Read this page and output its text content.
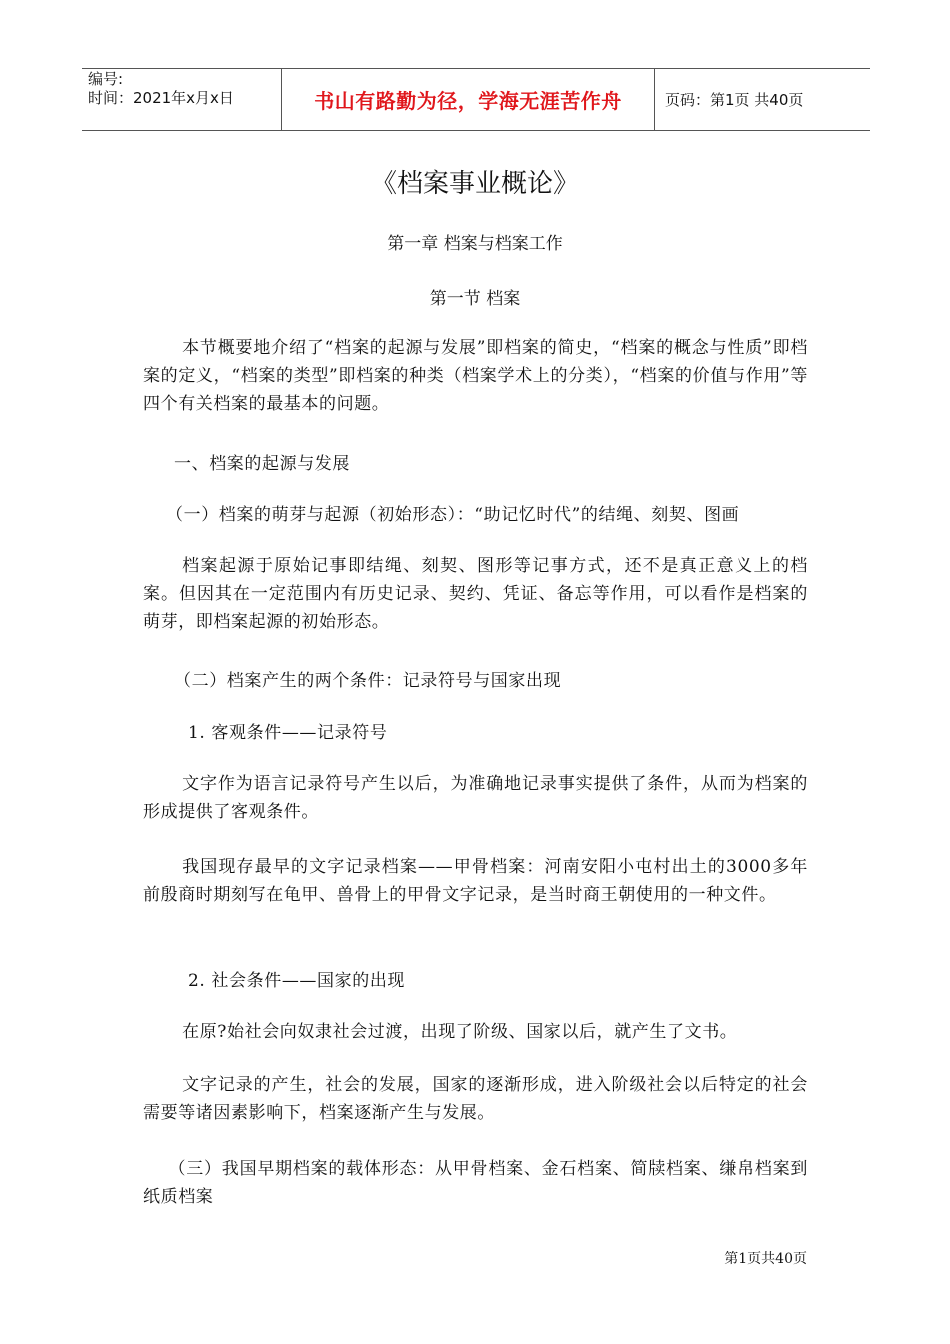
编号:
时间：2021年x月x日	书山有路勤为径，学海无涯苦作舟	页码：第1页 共40页
《档案事业概论》
第一章 档案与档案工作
第一节 档案
本节概要地介绍了“档案的起源与发展”即档案的简史，“档案的概念与性质”即档案的定义，“档案的类型”即档案的种类（档案学术上的分类），“档案的价值与作用”等四个有关档案的最基本的问题。
一、档案的起源与发展
（一）档案的萌芽与起源（初始形态）：“助记忆时代”的结绳、刻契、图画
档案起源于原始记事即结绳、刻契、图形等记事方式，还不是真正意义上的档案。但因其在一定范围内有历史记录、契约、凭证、备忘等作用，可以看作是档案的萌芽，即档案起源的初始形态。
（二）档案产生的两个条件：记录符号与国家出现
1. 客观条件——记录符号
文字作为语言记录符号产生以后，为准确地记录事实提供了条件，从而为档案的形成提供了客观条件。
我国现存最早的文字记录档案——甲骨档案：河南安阳小屯村出土的3000多年前殷商时期刻写在龟甲、兽骨上的甲骨文字记录，是当时商王朝使用的一种文件。
2. 社会条件——国家的出现
在原?始社会向奴隶社会过渡，出现了阶级、国家以后，就产生了文书。
文字记录的产生，社会的发展，国家的逐渐形成，进入阶级社会以后特定的社会需要等诸因素影响下，档案逐渐产生与发展。
（三）我国早期档案的载体形态：从甲骨档案、金石档案、简牍档案、缣帛档案到纸质档案
第1页共40页
